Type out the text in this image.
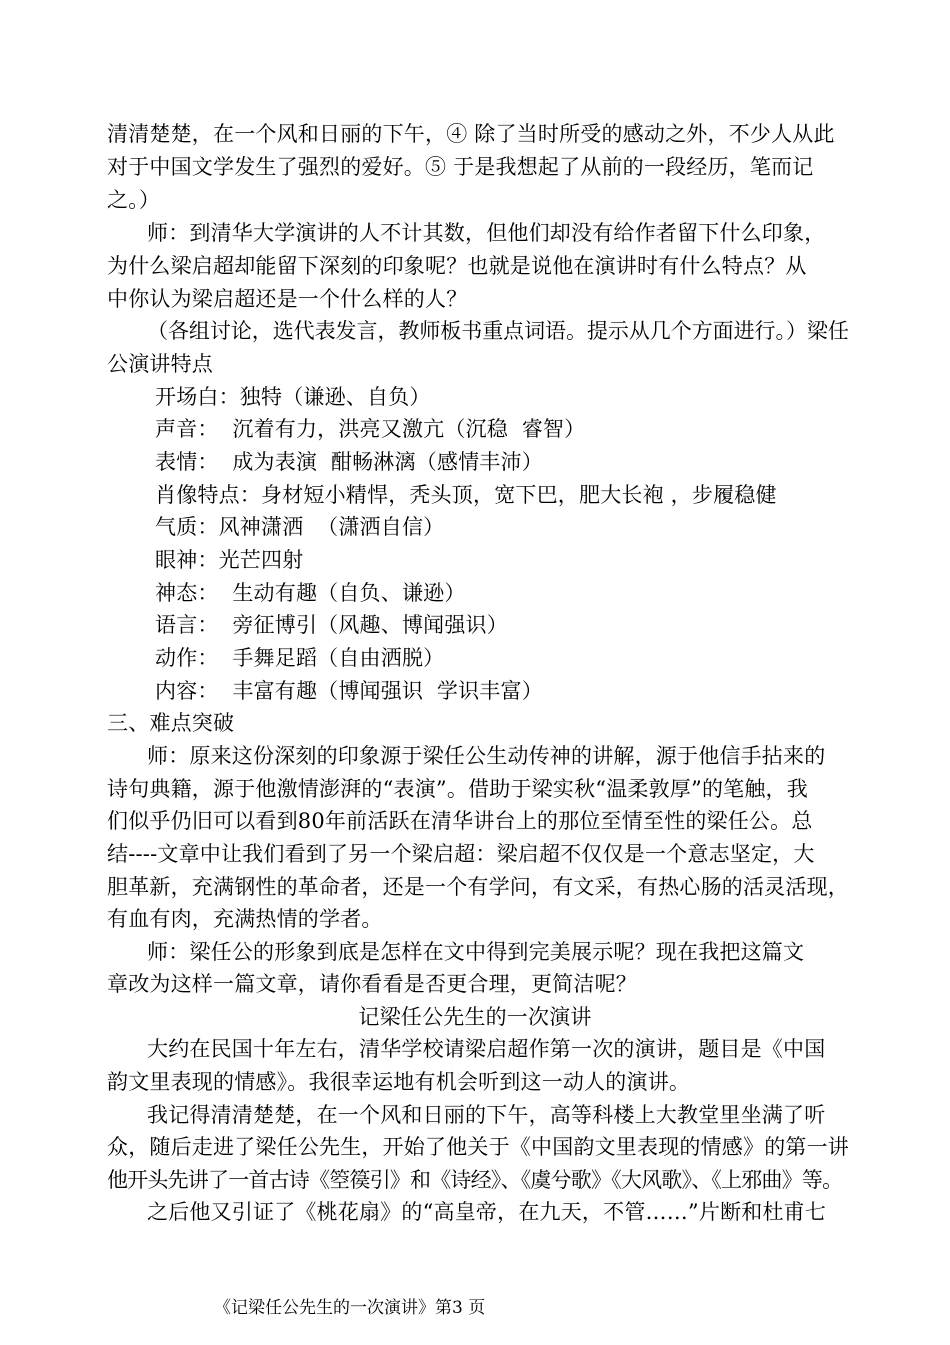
清清楚楚，在一个风和日丽的下午，④ 除了当时所受的感动之外，不少人从此
对于中国文学发生了强烈的爱好。⑤ 于是我想起了从前的一段经历，笔而记
之。）
师：到清华大学演讲的人不计其数，但他们却没有给作者留下什么印象，
为什么梁启超却能留下深刻的印象呢？也就是说他在演讲时有什么特点？从
中你认为梁启超还是一个什么样的人？
（各组讨论，选代表发言，教师板书重点词语。提示从几个方面进行。）梁任
公演讲特点
开场白：独特（谦逊、自负）
声音：  沉着有力，洪亮又激亢（沉稳  睿智）
表情：  成为表演  酣畅淋漓（感情丰沛）
肖像特点：身材短小精悍，秃头顶，宽下巴，肥大长袍 ，步履稳健
气质：风神潇洒  （潇洒自信）
眼神：光芒四射
神态：  生动有趣（自负、谦逊）
语言：  旁征博引（风趣、博闻强识）
动作：  手舞足蹈（自由洒脱）
内容：  丰富有趣（博闻强识  学识丰富）
三、难点突破
师：原来这份深刻的印象源于梁任公生动传神的讲解，源于他信手拈来的
诗句典籍，源于他激情澎湃的“表演”。借助于梁实秋“温柔敦厚”的笔触，我
们似乎仍旧可以看到80年前活跃在清华讲台上的那位至情至性的梁任公。总
结----文章中让我们看到了另一个梁启超：梁启超不仅仅是一个意志坚定，大
胆革新，充满钢性的革命者，还是一个有学问，有文采，有热心肠的活灵活现，
有血有肉，充满热情的学者。
师：梁任公的形象到底是怎样在文中得到完美展示呢？现在我把这篇文
章改为这样一篇文章，请你看看是否更合理，更简洁呢？
记梁任公先生的一次演讲
大约在民国十年左右，清华学校请梁启超作第一次的演讲，题目是《中国
韵文里表现的情感》。我很幸运地有机会听到这一动人的演讲。
我记得清清楚楚，在一个风和日丽的下午，高等科楼上大教堂里坐满了听
众，随后走进了梁任公先生，开始了他关于《中国韵文里表现的情感》的第一讲
他开头先讲了一首古诗《箜篌引》和《诗经》、《虞兮歌》《大风歌》、《上邪曲》等。
之后他又引证了《桃花扇》的“高皇帝，在九天，不管……”片断和杜甫七
《记梁任公先生的一次演讲》第3 页
